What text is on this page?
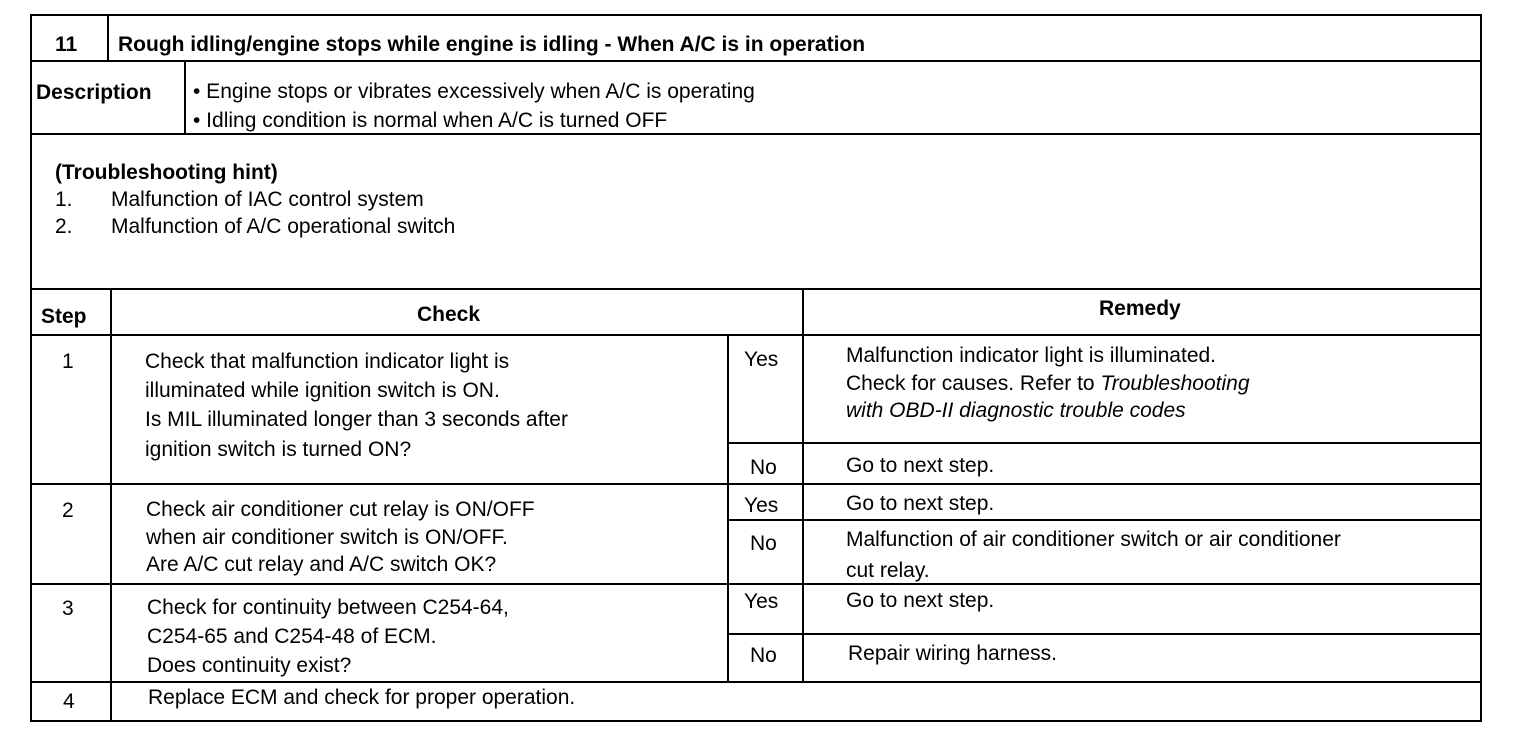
11 Rough idling/engine stops while engine is idling - When A/C is in operation
Description • Engine stops or vibrates excessively when A/C is operating
• Idling condition is normal when A/C is turned OFF
(Troubleshooting hint)
1. Malfunction of IAC control system
2. Malfunction of A/C operational switch
Step	Check	Remedy
1	Check that malfunction indicator light is
illuminated while ignition switch is ON.
Is MIL illuminated longer than 3 seconds after
ignition switch is turned ON?
Yes	Malfunction indicator light is illuminated.
Check for causes. Refer to Troubleshooting
with OBD-II diagnostic trouble codes
No	Go to next step.
2	Check air conditioner cut relay is ON/OFF
when air conditioner switch is ON/OFF.
Are A/C cut relay and A/C switch OK?
Yes	Go to next step.
No	Malfunction of air conditioner switch or air conditioner
cut relay.
3	Check for continuity between C254-64,
C254-65 and C254-48 of ECM.
Does continuity exist?
Yes	Go to next step.
No	Repair wiring harness.
4	Replace ECM and check for proper operation.
